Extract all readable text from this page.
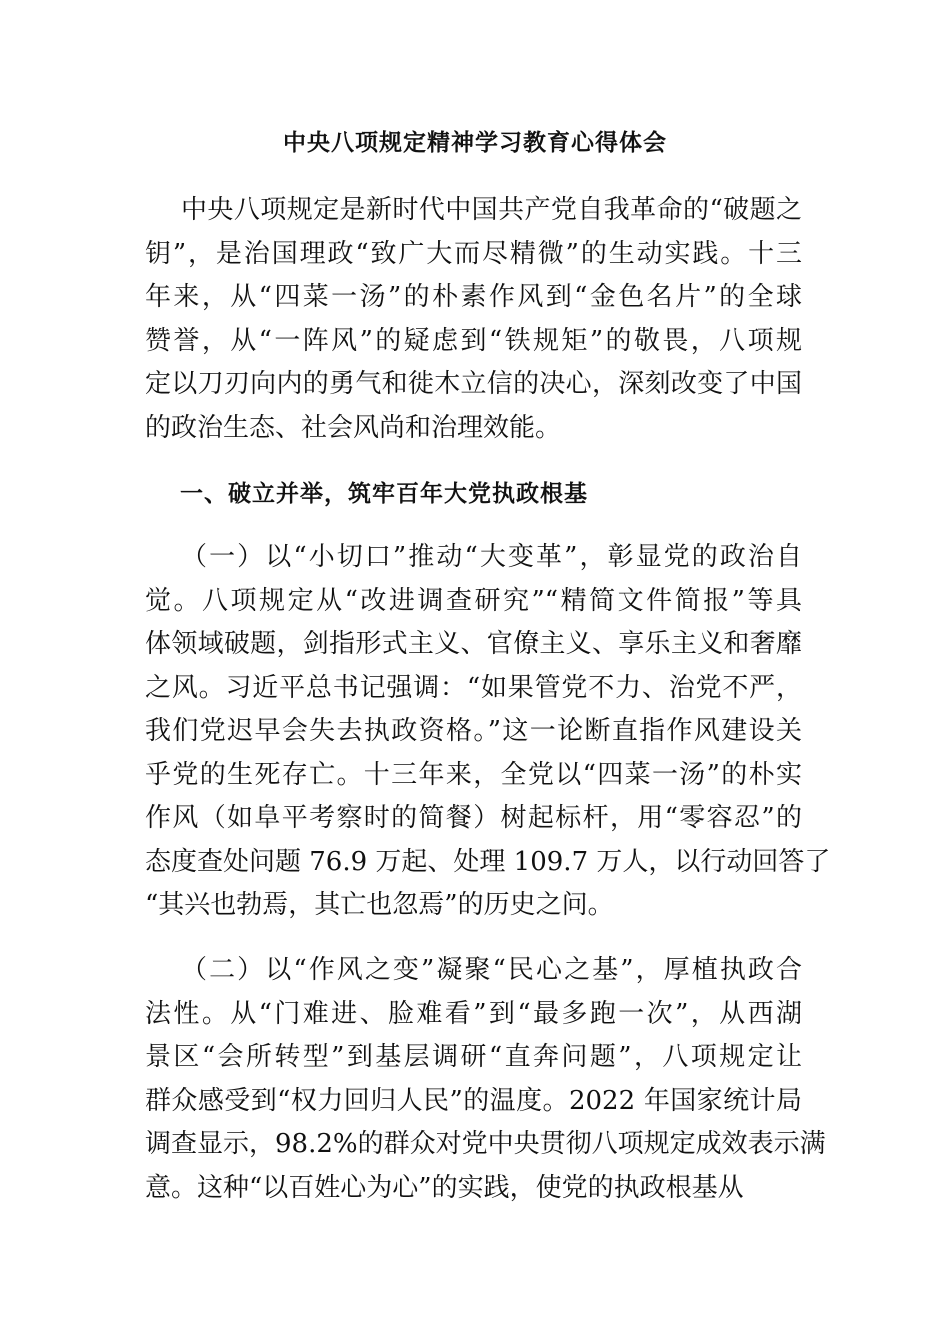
中央八项规定精神学习教育心得体会
中央八项规定是新时代中国共产党自我革命的“破题之
钥”，是治国理政“致广大而尽精微”的生动实践。十三
年来，从“四菜一汤”的朴素作风到“金色名片”的全球
赞誉，从“一阵风”的疑虑到“铁规矩”的敬畏，八项规
定以刀刃向内的勇气和徙木立信的决心，深刻改变了中国
的政治生态、社会风尚和治理效能。
一、破立并举，筑牢百年大党执政根基
（一）以“小切口”推动“大变革”，彰显党的政治自
觉。八项规定从“改进调查研究”“精简文件简报”等具
体领域破题，剑指形式主义、官僚主义、享乐主义和奢靡
之风。习近平总书记强调：“如果管党不力、治党不严，
我们党迟早会失去执政资格。”这一论断直指作风建设关
乎党的生死存亡。十三年来，全党以“四菜一汤”的朴实
作风（如阜平考察时的简餐）树起标杆，用“零容忍”的
态度查处问题 76.9 万起、处理 109.7 万人，以行动回答了
“其兴也勃焉，其亡也忽焉”的历史之问。
（二）以“作风之变”凝聚“民心之基”，厚植执政合
法性。从“门难进、脸难看”到“最多跑一次”，从西湖
景区“会所转型”到基层调研“直奔问题”，八项规定让
群众感受到“权力回归人民”的温度。2022 年国家统计局
调查显示，98.2%的群众对党中央贯彻八项规定成效表示满
意。这种“以百姓心为心”的实践，使党的执政根基从
